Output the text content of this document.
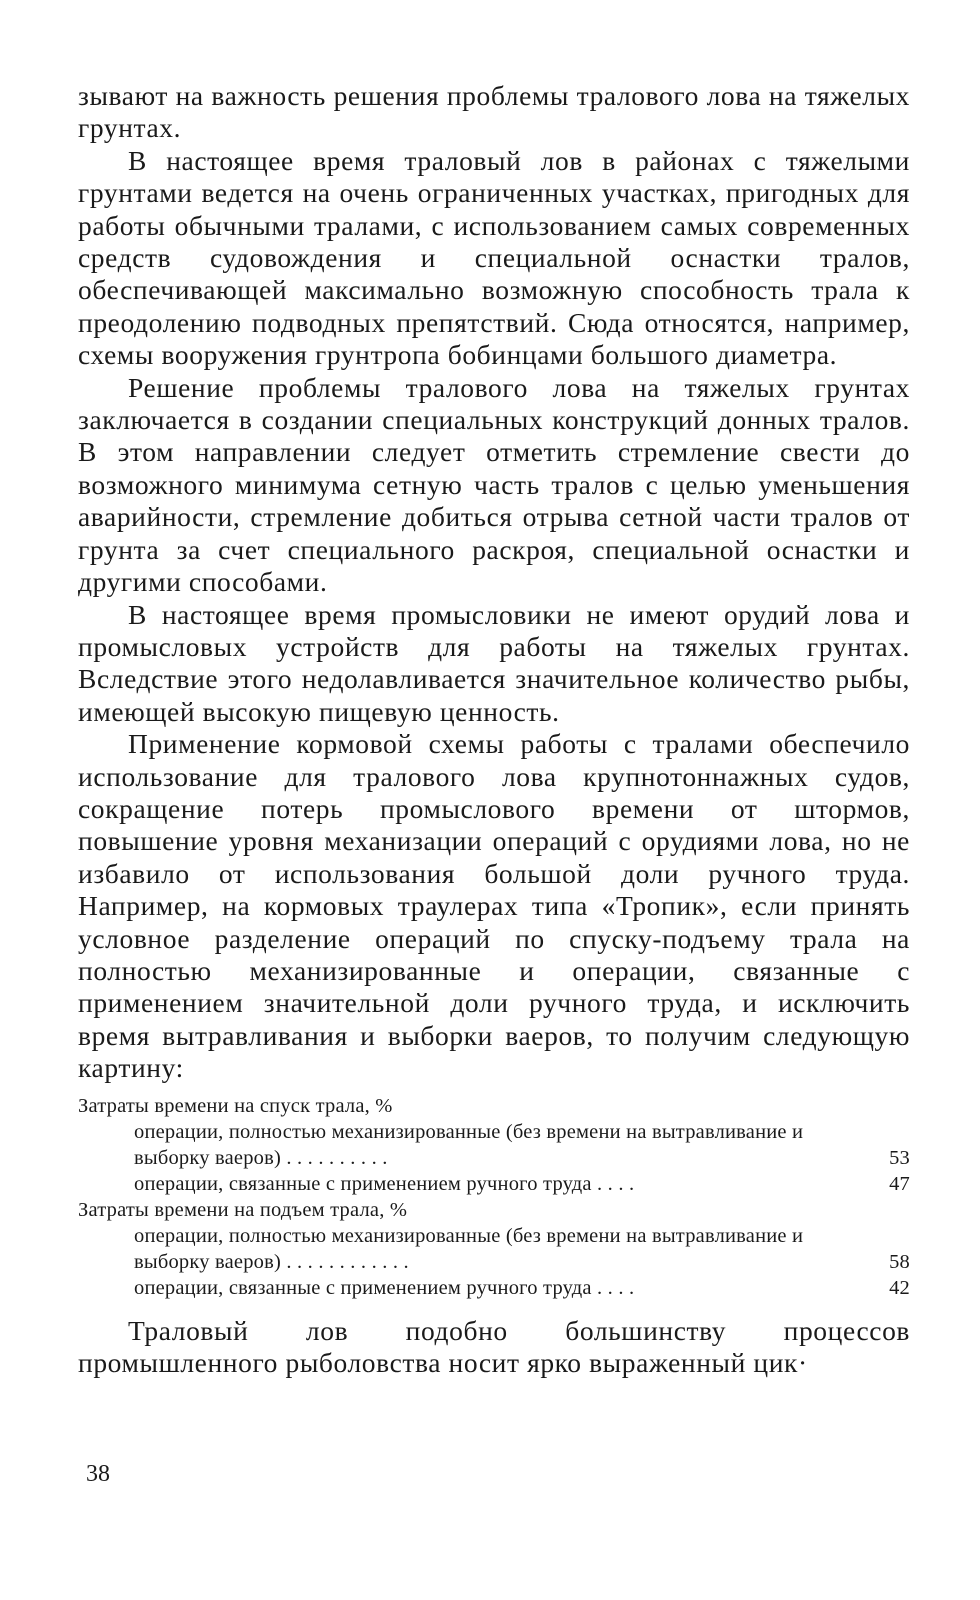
зывают на важность решения проблемы тралового лова на тяжелых грунтах.

В настоящее время траловый лов в районах с тяжелыми грунтами ведется на очень ограниченных участках, пригодных для работы обычными тралами, с использованием самых современных средств судовождения и специальной оснастки тралов, обеспечивающей максимально возможную способность трала к преодолению подводных препятствий. Сюда относятся, например, схемы вооружения грунтропа бобинцами большого диаметра.

Решение проблемы тралового лова на тяжелых грунтах заключается в создании специальных конструкций донных тралов. В этом направлении следует отметить стремление свести до возможного минимума сетную часть тралов с целью уменьшения аварийности, стремление добиться отрыва сетной части тралов от грунта за счет специального раскроя, специальной оснастки и другими способами.

В настоящее время промысловики не имеют орудий лова и промысловых устройств для работы на тяжелых грунтах. Вследствие этого недолавливается значительное количество рыбы, имеющей высокую пищевую ценность.

Применение кормовой схемы работы с тралами обеспечило использование для тралового лова крупнотоннажных судов, сокращение потерь промыслового времени от штормов, повышение уровня механизации операций с орудиями лова, но не избавило от использования большой доли ручного труда. Например, на кормовых траулерах типа «Тропик», если принять условное разделение операций по спуску-подъему трала на полностью механизированные и операции, связанные с применением значительной доли ручного труда, и исключить время вытравливания и выборки ваеров, то получим следующую картину:

Затраты времени на спуск трала, %

операции, полностью механизированные (без времени на вытравливание и выборку ваеров) . . . . . . . . . .	53

операции, связанные с применением ручного труда . . . .	47

Затраты времени на подъем трала, %

операции, полностью механизированные (без времени на вытравливание и выборку ваеров) . . . . . . . . . . . .	58

операции, связанные с применением ручного труда . . . .	42

Траловый лов подобно большинству процессов промышленного рыболовства носит ярко выраженный цик·

38
